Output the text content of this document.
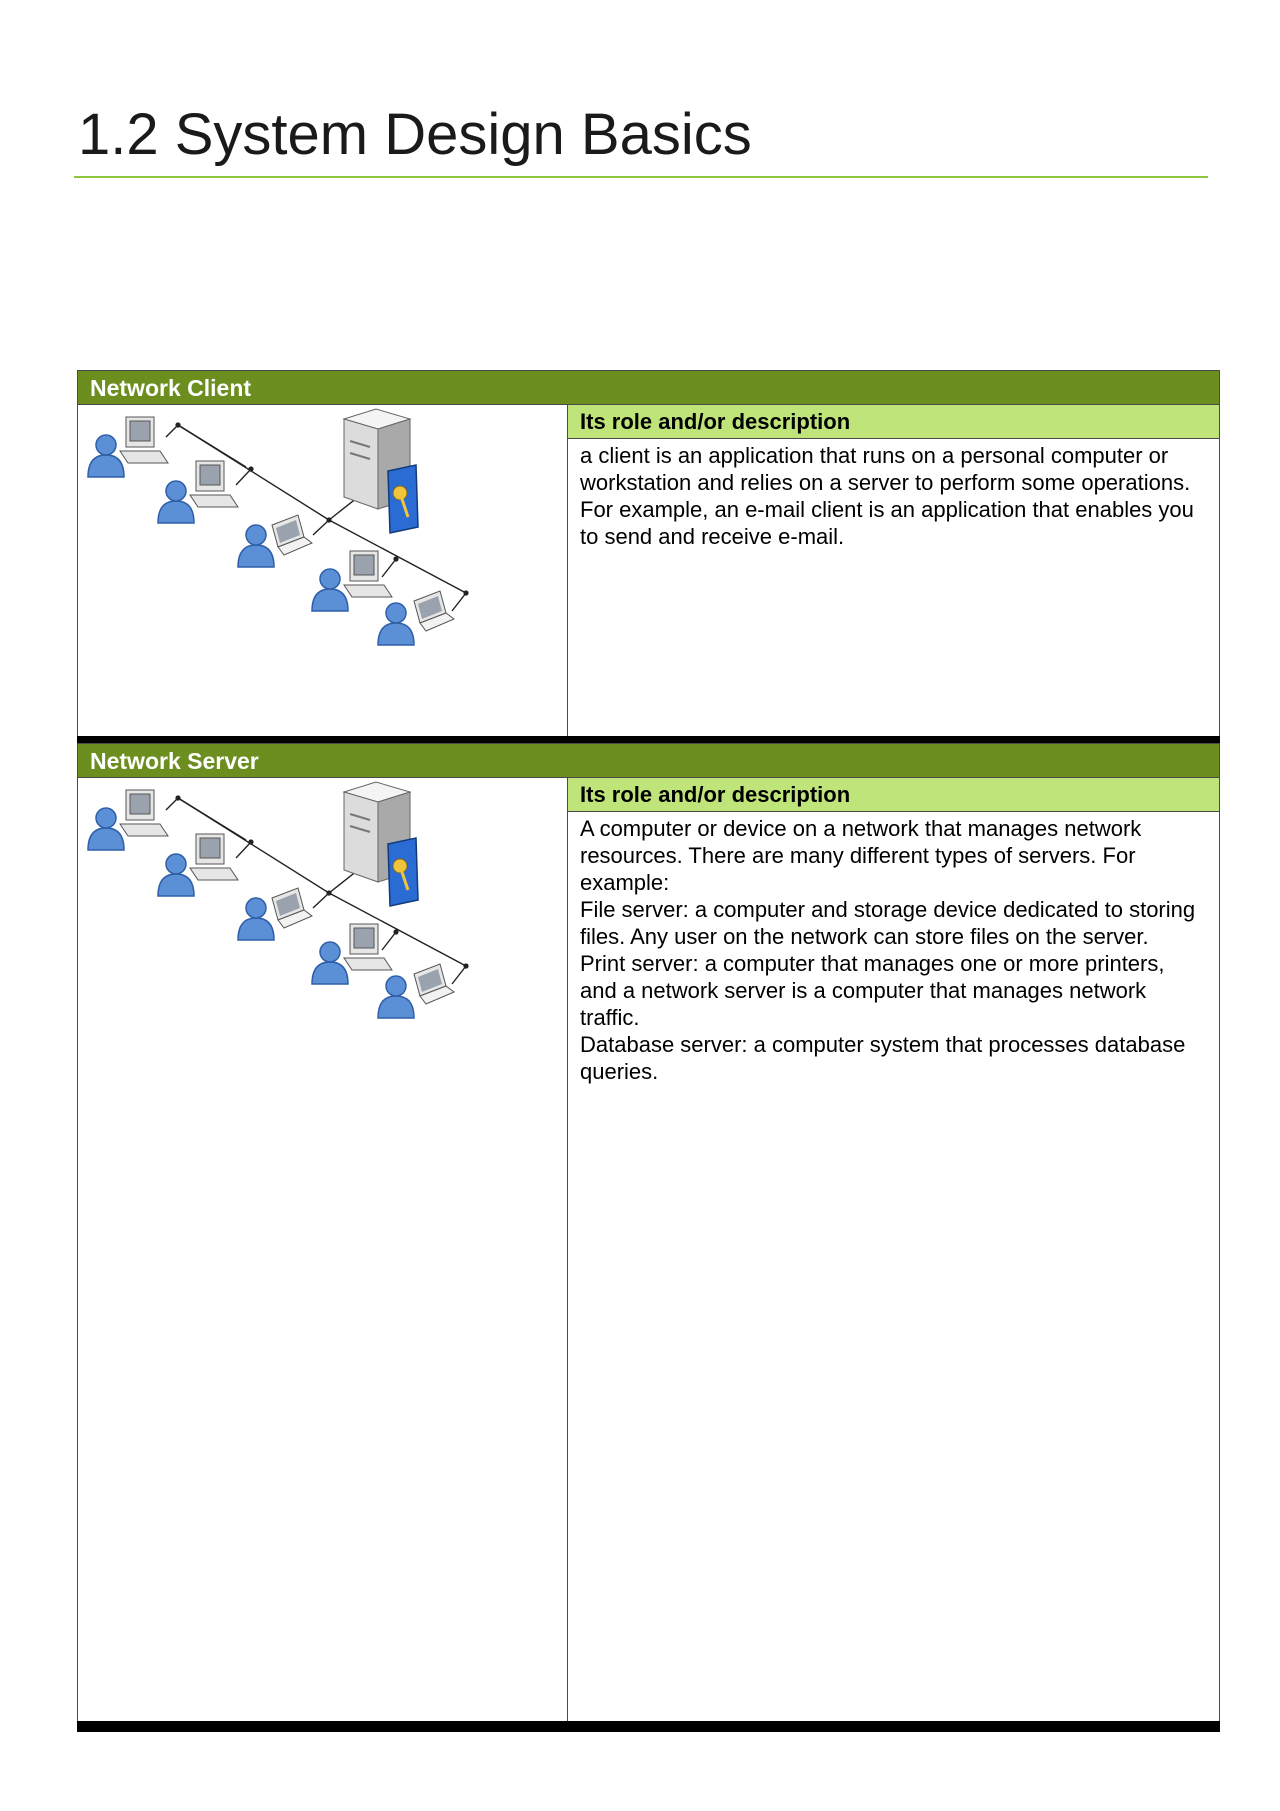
1.2 System Design Basics
Network Client
Its role and/or description

a client is an application that runs on a personal computer or workstation and relies on a server to perform some operations. For example, an e-mail client is an application that enables you to send and receive e-mail.

Network Server
Its role and/or description

A computer or device on a network that manages network resources. There are many different types of servers. For example:

File server: a computer and storage device dedicated to storing files. Any user on the network can store files on the server.

Print server: a computer that manages one or more printers, and a network server is a computer that manages network traffic.

Database server: a computer system that processes database queries.
